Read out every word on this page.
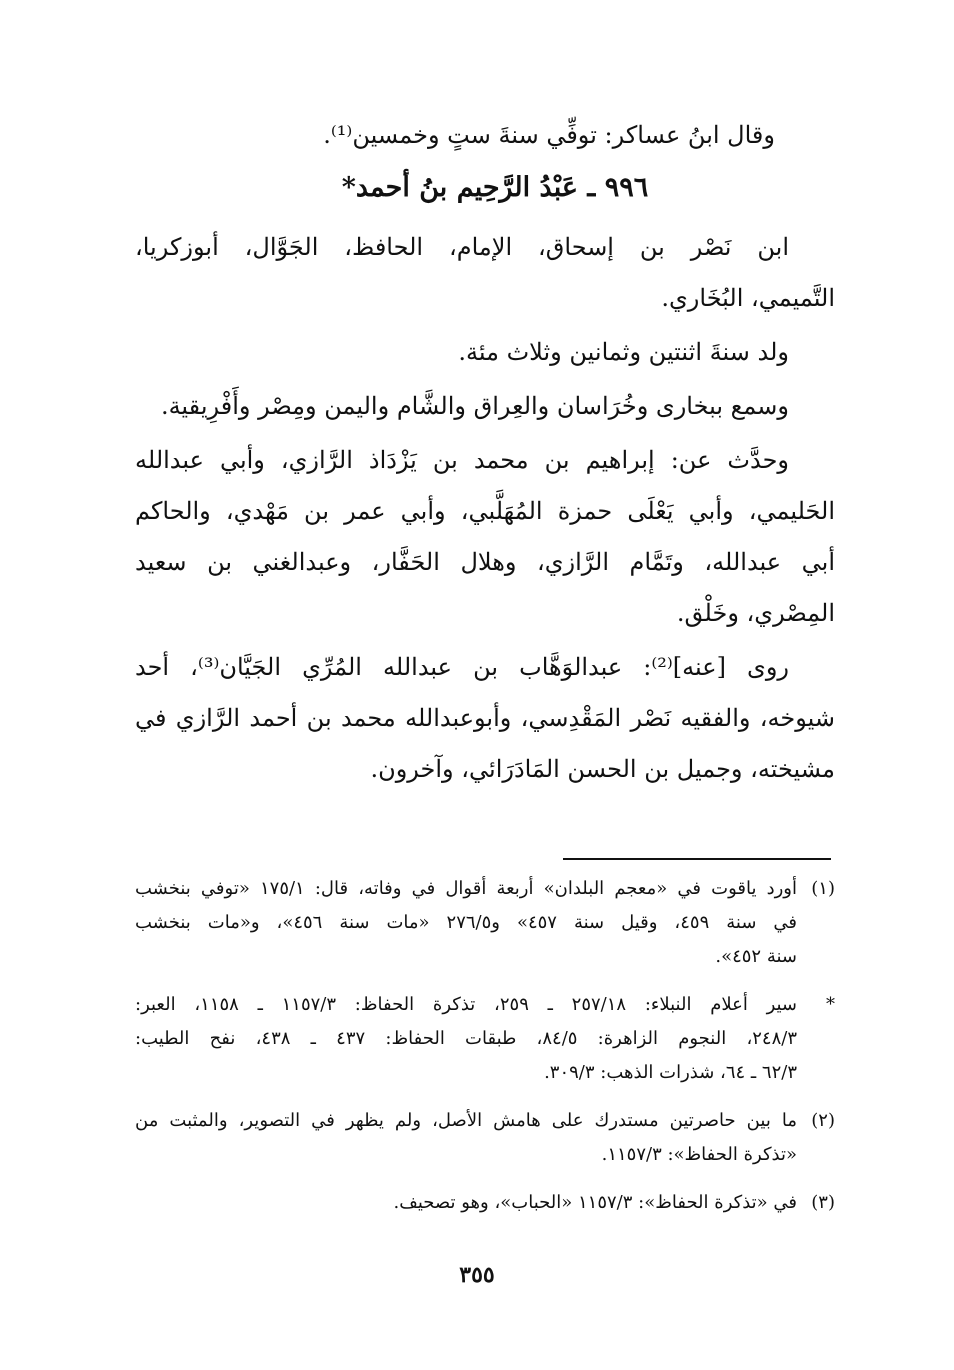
وقال ابنُ عساكر: توفِّي سنةَ ستٍ وخمسين⁽¹⁾.

٩٩٦ ـ عَبْدُ الرَّحِيم بنُ أحمد*

ابن نَصْر بن إسحاق، الإمام، الحافظ، الجَوَّال، أبوزكريا،

التَّميمي، البُخَاري.

ولد سنةَ اثنتين وثمانين وثلاث مئة.

وسمع ببخارى وخُرَاسان والعِراق والشَّام واليمن ومِصْر وأَفْرِيقية.

وحدَّث عن: إبراهيم بن محمد بن يَزْدَاذ الرَّازي، وأبي عبدالله

الحَليمي، وأبي يَعْلَى حمزة المُهَلَّبي، وأبي عمر بن مَهْدي، والحاكم

أبي عبدالله، وتَمَّام الرَّازي، وهلال الحَفَّار، وعبدالغني بن سعيد

المِصْري، وخَلْق.

روى [عنه]⁽²⁾: عبدالوَهَّاب بن عبدالله المُرِّي الجَيَّان⁽³⁾، أحد

شيوخه، والفقيه نَصْر المَقْدِسي، وأبوعبدالله محمد بن أحمد الرَّازي في

مشيخته، وجميل بن الحسن المَادَرَائي، وآخرون.

(١)أورد ياقوت في «معجم البلدان» أربعة أقوال في وفاته، قال: ١٧٥/١ «توفي بنخشب
في سنة ٤٥٩، وقيل سنة ٤٥٧» و٢٧٦/٥ «مات سنة ٤٥٦»، و«مات بنخشب
سنة ٤٥٢».
*سير أعلام النبلاء: ٢٥٧/١٨ ـ ٢٥٩، تذكرة الحفاظ: ١١٥٧/٣ ـ ١١٥٨، العبر:
٢٤٨/٣، النجوم الزاهرة: ٨٤/٥، طبقات الحفاظ: ٤٣٧ ـ ٤٣٨، نفح الطيب:
٦٢/٣ ـ ٦٤، شذرات الذهب: ٣٠٩/٣.
(٢)ما بين حاصرتين مستدرك على هامش الأصل، ولم يظهر في التصوير، والمثبت من
«تذكرة الحفاظ»: ١١٥٧/٣.
(٣)في «تذكرة الحفاظ»: ١١٥٧/٣ «الحباب»، وهو تصحيف.
٣٥٥
